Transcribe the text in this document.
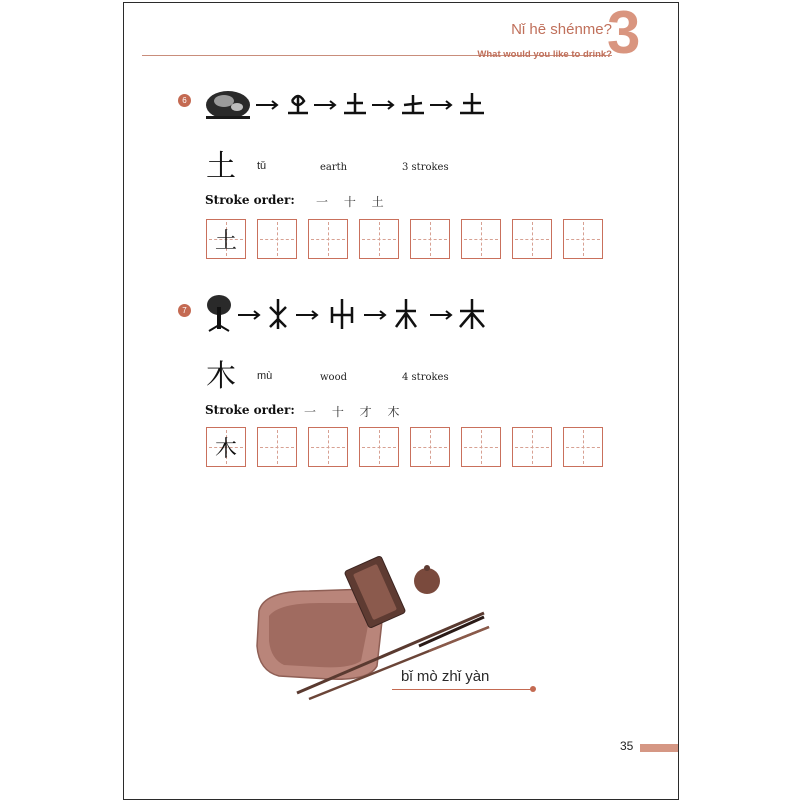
Nǐ hē shénme?
What would you like to drink?
3
6
土 tǔ	earth	3 strokes
Stroke order: 一 十 土
土
7
木 mù	wood	4 strokes
Stroke order: 一 十 才 木
木
bǐ mò zhǐ yàn
35
